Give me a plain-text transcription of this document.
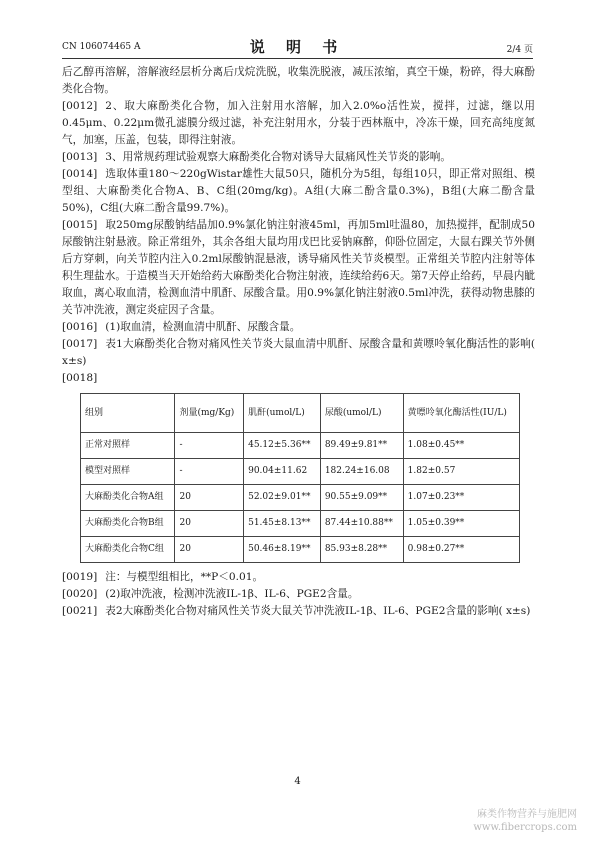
CN 106074465 A	说 明 书	2/4 页

后乙醇再溶解，溶解液经层析分离后戊烷洗脱，收集洗脱液，减压浓缩，真空干燥，粉碎，得大麻酚类化合物。

[0012] 2、取大麻酚类化合物，加入注射用水溶解，加入2.0%o活性炭，搅拌，过滤，继以用0.45μm、0.22μm微孔滤膜分级过滤，补充注射用水，分装于西林瓶中，冷冻干燥，回充高纯度氮气，加塞，压盖，包装，即得注射液。

[0013] 3、用常规药理试验观察大麻酚类化合物对诱导大鼠痛风性关节炎的影响。

[0014] 选取体重180～220gWistar雄性大鼠50只，随机分为5组，每组10只，即正常对照组、模型组、大麻酚类化合物A、B、C组(20mg/kg)。A组(大麻二酚含量0.3%)，B组(大麻二酚含量50%)，C组(大麻二酚含量99.7%)。

[0015] 取250mg尿酸钠结晶加0.9%氯化钠注射液45ml，再加5ml吐温80，加热搅拌，配制成50尿酸钠注射悬液。除正常组外，其余各组大鼠均用戊巴比妥钠麻醉，仰卧位固定，大鼠右踝关节外侧后方穿刺，向关节腔内注入0.2ml尿酸钠混悬液，诱导痛风性关节炎模型。正常组关节腔内注射等体积生理盐水。于造模当天开始给药大麻酚类化合物注射液，连续给药6天。第7天停止给药，早晨内眦取血，离心取血清，检测血清中肌酐、尿酸含量。用0.9%氯化钠注射液0.5ml冲洗，获得动物患膝的关节冲洗液，测定炎症因子含量。

[0016] (1)取血清，检测血清中肌酐、尿酸含量。

[0017] 表1大麻酚类化合物对痛风性关节炎大鼠血清中肌酐、尿酸含量和黄嘌呤氧化酶活性的影响( x±s)

[0018]

组别	剂量(mg/Kg)	肌酐(umol/L)	尿酸(umol/L)	黄嘌呤氧化酶活性(IU/L)
正常对照样	-	45.12±5.36**	89.49±9.81**	1.08±0.45**
模型对照样	-	90.04±11.62	182.24±16.08	1.82±0.57
大麻酚类化合物A组	20	52.02±9.01**	90.55±9.09**	1.07±0.23**
大麻酚类化合物B组	20	51.45±8.13**	87.44±10.88**	1.05±0.39**
大麻酚类化合物C组	20	50.46±8.19**	85.93±8.28**	0.98±0.27**

[0019] 注：与模型组相比，**P＜0.01。

[0020] (2)取冲洗液，检测冲洗液IL-1β、IL-6、PGE2含量。

[0021] 表2大麻酚类化合物对痛风性关节炎大鼠关节冲洗液IL-1β、IL-6、PGE2含量的影响( x±s)

4
麻类作物营养与施肥网
www.fibercrops.com
